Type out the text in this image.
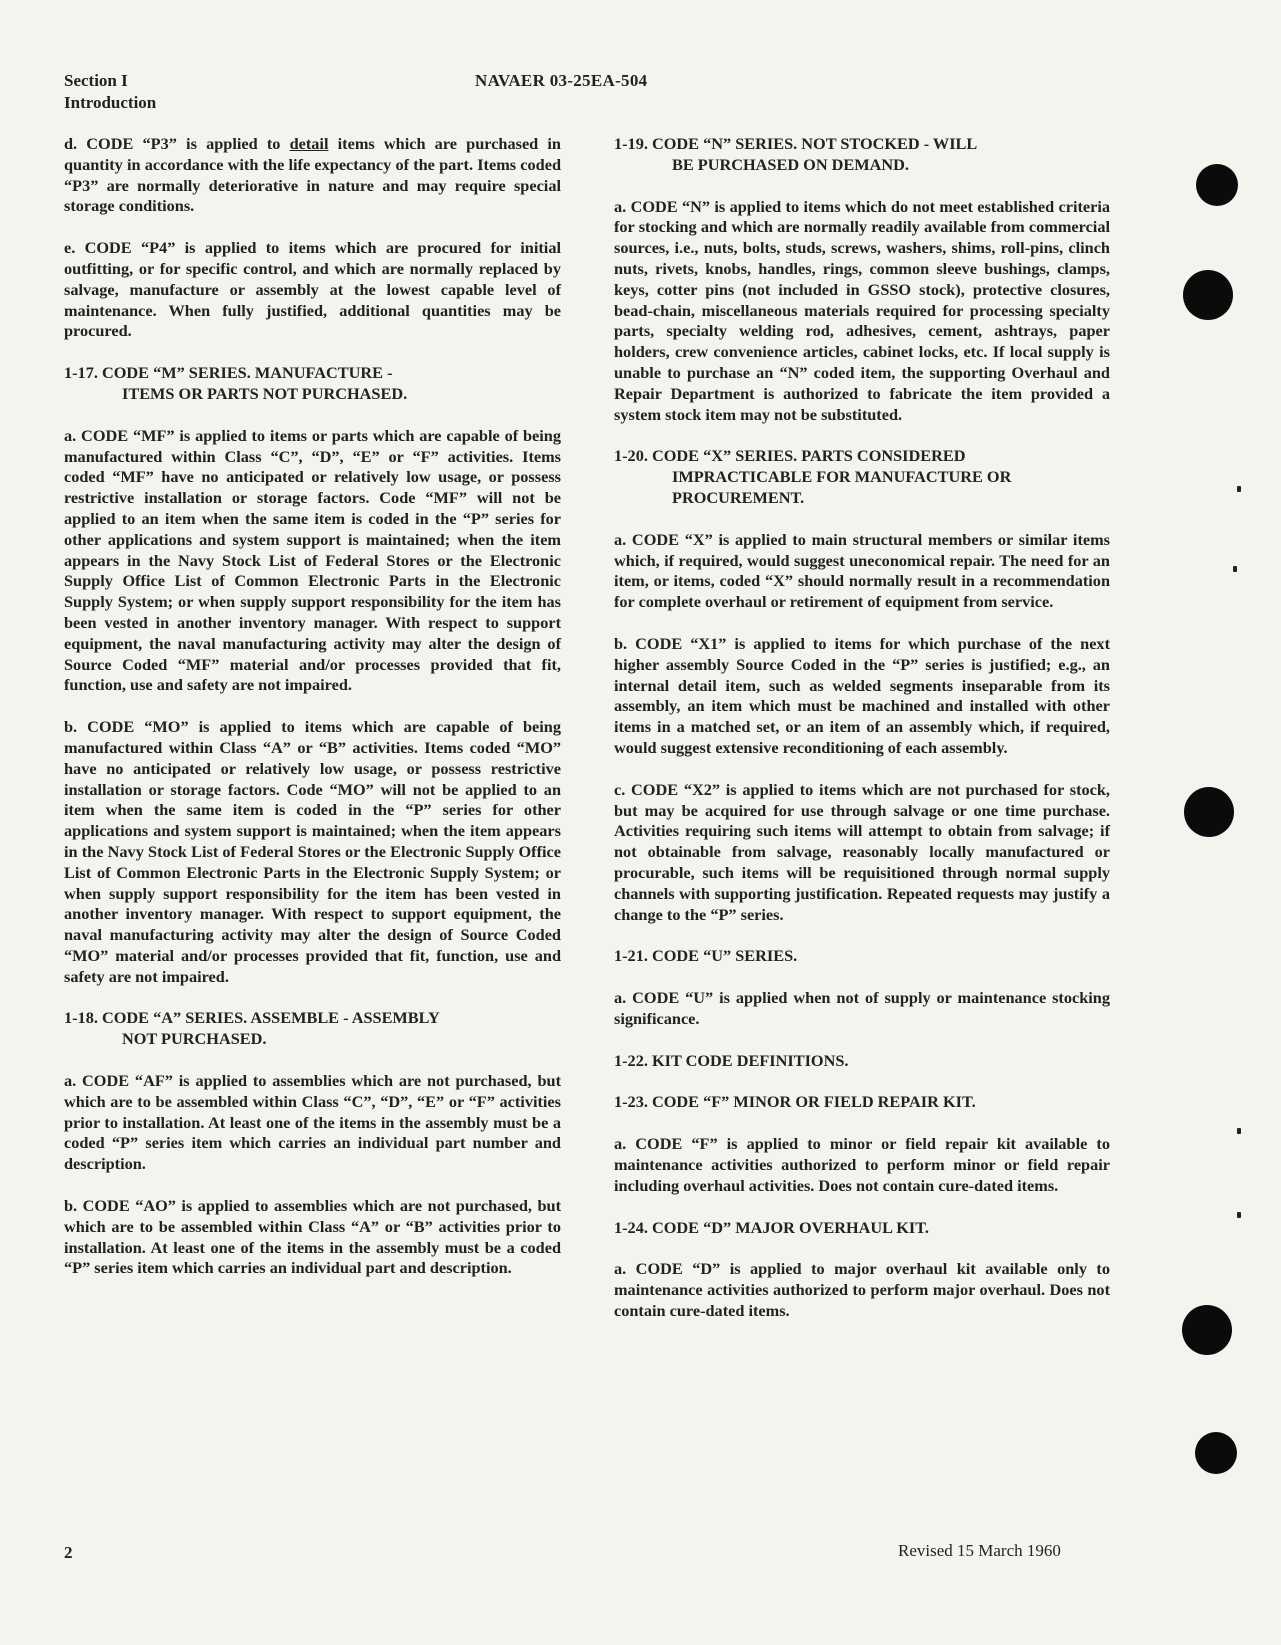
Section I
Introduction
NAVAER 03-25EA-504

d. CODE “P3” is applied to detail items which are purchased in quantity in accordance with the life expectancy of the part. Items coded “P3” are normally deteriorative in nature and may require special storage conditions.

e. CODE “P4” is applied to items which are procured for initial outfitting, or for specific control, and which are normally replaced by salvage, manufacture or assembly at the lowest capable level of maintenance. When fully justified, additional quantities may be procured.

1-17. CODE “M” SERIES. MANUFACTURE -
ITEMS OR PARTS NOT PURCHASED.

a. CODE “MF” is applied to items or parts which are capable of being manufactured within Class “C”, “D”, “E” or “F” activities. Items coded “MF” have no anticipated or relatively low usage, or possess restrictive installation or storage factors. Code “MF” will not be applied to an item when the same item is coded in the “P” series for other applications and system support is maintained; when the item appears in the Navy Stock List of Federal Stores or the Electronic Supply Office List of Common Electronic Parts in the Electronic Supply System; or when supply support responsibility for the item has been vested in another inventory manager. With respect to support equipment, the naval manufacturing activity may alter the design of Source Coded “MF” material and/or processes provided that fit, function, use and safety are not impaired.

b. CODE “MO” is applied to items which are capable of being manufactured within Class “A” or “B” activities. Items coded “MO” have no anticipated or relatively low usage, or possess restrictive installation or storage factors. Code “MO” will not be applied to an item when the same item is coded in the “P” series for other applications and system support is maintained; when the item appears in the Navy Stock List of Federal Stores or the Electronic Supply Office List of Common Electronic Parts in the Electronic Supply System; or when supply support responsibility for the item has been vested in another inventory manager. With respect to support equipment, the naval manufacturing activity may alter the design of Source Coded “MO” material and/or processes provided that fit, function, use and safety are not impaired.

1-18. CODE “A” SERIES. ASSEMBLE - ASSEMBLY
NOT PURCHASED.

a. CODE “AF” is applied to assemblies which are not purchased, but which are to be assembled within Class “C”, “D”, “E” or “F” activities prior to installation. At least one of the items in the assembly must be a coded “P” series item which carries an individual part number and description.

b. CODE “AO” is applied to assemblies which are not purchased, but which are to be assembled within Class “A” or “B” activities prior to installation. At least one of the items in the assembly must be a coded “P” series item which carries an individual part and description.

1-19. CODE “N” SERIES. NOT STOCKED - WILL
BE PURCHASED ON DEMAND.

a. CODE “N” is applied to items which do not meet established criteria for stocking and which are normally readily available from commercial sources, i.e., nuts, bolts, studs, screws, washers, shims, roll-pins, clinch nuts, rivets, knobs, handles, rings, common sleeve bushings, clamps, keys, cotter pins (not included in GSSO stock), protective closures, bead-chain, miscellaneous materials required for processing specialty parts, specialty welding rod, adhesives, cement, ashtrays, paper holders, crew convenience articles, cabinet locks, etc. If local supply is unable to purchase an “N” coded item, the supporting Overhaul and Repair Department is authorized to fabricate the item provided a system stock item may not be substituted.

1-20. CODE “X” SERIES. PARTS CONSIDERED
IMPRACTICABLE FOR MANUFACTURE OR
PROCUREMENT.

a. CODE “X” is applied to main structural members or similar items which, if required, would suggest uneconomical repair. The need for an item, or items, coded “X” should normally result in a recommendation for complete overhaul or retirement of equipment from service.

b. CODE “X1” is applied to items for which purchase of the next higher assembly Source Coded in the “P” series is justified; e.g., an internal detail item, such as welded segments inseparable from its assembly, an item which must be machined and installed with other items in a matched set, or an item of an assembly which, if required, would suggest extensive reconditioning of each assembly.

c. CODE “X2” is applied to items which are not purchased for stock, but may be acquired for use through salvage or one time purchase. Activities requiring such items will attempt to obtain from salvage; if not obtainable from salvage, reasonably locally manufactured or procurable, such items will be requisitioned through normal supply channels with supporting justification. Repeated requests may justify a change to the “P” series.

1-21. CODE “U” SERIES.

a. CODE “U” is applied when not of supply or maintenance stocking significance.

1-22. KIT CODE DEFINITIONS.
1-23. CODE “F” MINOR OR FIELD REPAIR KIT.

a. CODE “F” is applied to minor or field repair kit available to maintenance activities authorized to perform minor or field repair including overhaul activities. Does not contain cure-dated items.

1-24. CODE “D” MAJOR OVERHAUL KIT.

a. CODE “D” is applied to major overhaul kit available only to maintenance activities authorized to perform major overhaul. Does not contain cure-dated items.

2	Revised 15 March 1960
